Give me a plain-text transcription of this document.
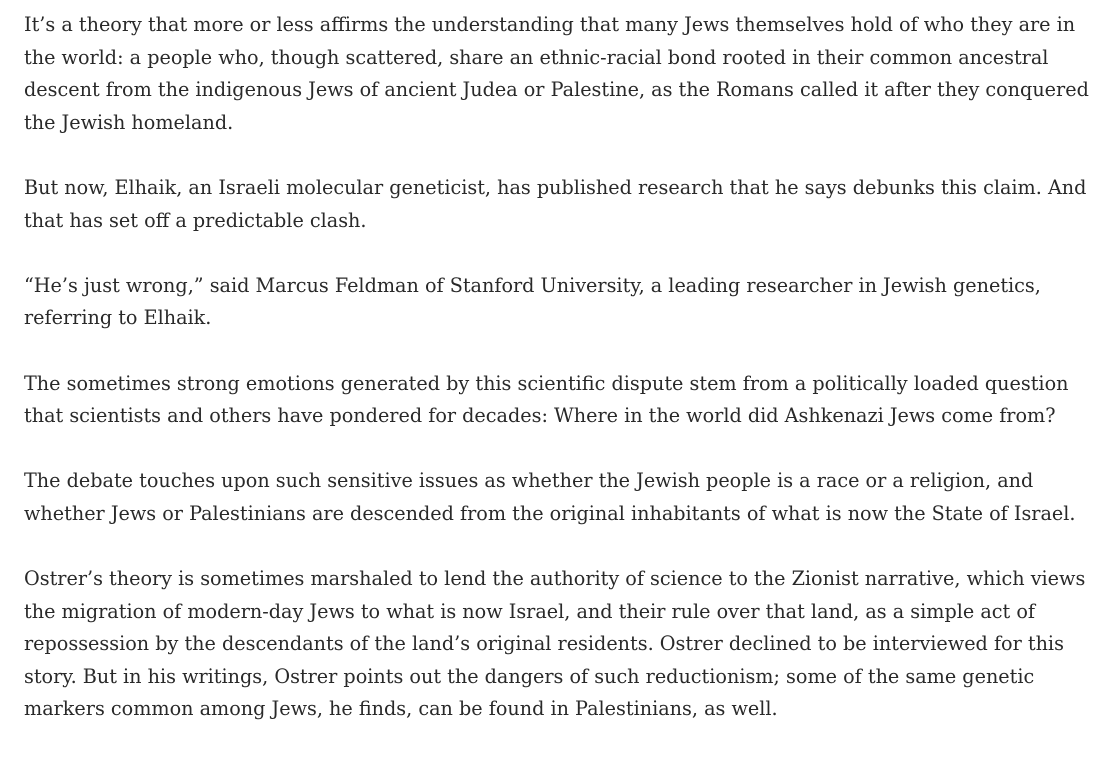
It’s a theory that more or less affirms the understanding that many Jews themselves hold of who they are in the world: a people who, though scattered, share an ethnic-racial bond rooted in their common ancestral descent from the indigenous Jews of ancient Judea or Palestine, as the Romans called it after they conquered the Jewish homeland.

But now, Elhaik, an Israeli molecular geneticist, has published research that he says debunks this claim. And that has set off a predictable clash.

“He’s just wrong,” said Marcus Feldman of Stanford University, a leading researcher in Jewish genetics, referring to Elhaik.

The sometimes strong emotions generated by this scientific dispute stem from a politically loaded question that scientists and others have pondered for decades: Where in the world did Ashkenazi Jews come from?

The debate touches upon such sensitive issues as whether the Jewish people is a race or a religion, and whether Jews or Palestinians are descended from the original inhabitants of what is now the State of Israel.

Ostrer’s theory is sometimes marshaled to lend the authority of science to the Zionist narrative, which views the migration of modern-day Jews to what is now Israel, and their rule over that land, as a simple act of repossession by the descendants of the land’s original residents. Ostrer declined to be interviewed for this story. But in his writings, Ostrer points out the dangers of such reductionism; some of the same genetic markers common among Jews, he finds, can be found in Palestinians, as well.
